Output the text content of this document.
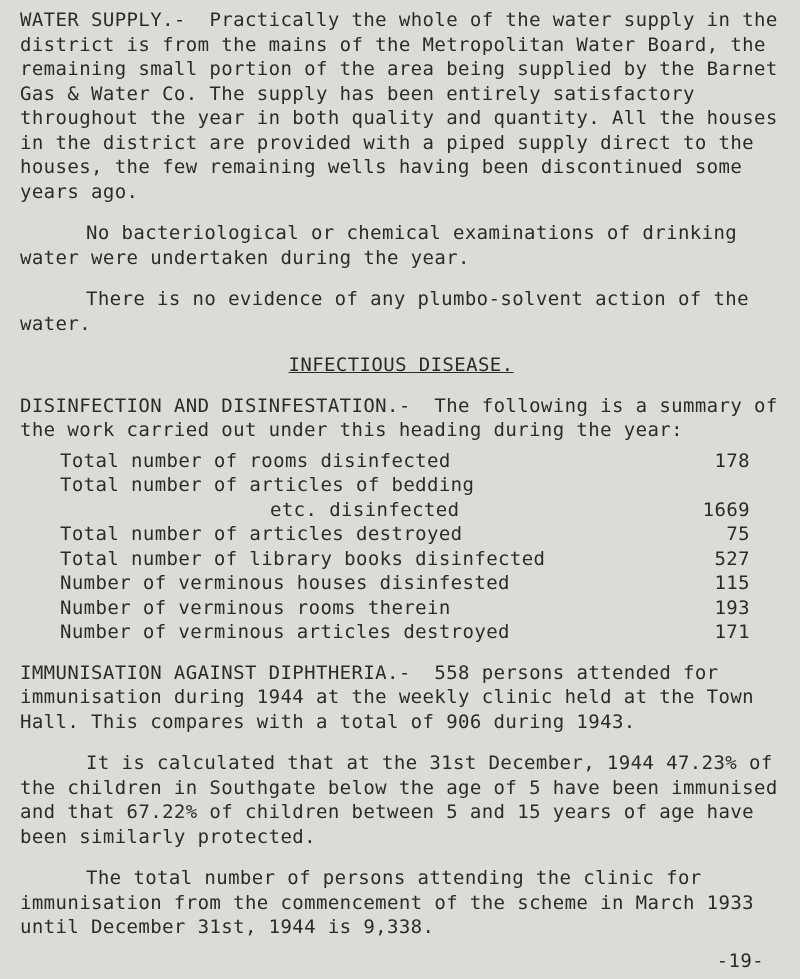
WATER SUPPLY.- Practically the whole of the water supply in the district is from the mains of the Metropolitan Water Board, the remaining small portion of the area being supplied by the Barnet Gas & Water Co. The supply has been entirely satisfactory throughout the year in both quality and quantity. All the houses in the district are provided with a piped supply direct to the houses, the few remaining wells having been discontinued some years ago.

No bacteriological or chemical examinations of drinking water were undertaken during the year.

There is no evidence of any plumbo-solvent action of the water.

INFECTIOUS DISEASE.

DISINFECTION AND DISINFESTATION.- The following is a summary of the work carried out under this heading during the year:

Total number of rooms disinfected	178

Total number of articles of bedding
etc. disinfected	1669

Total number of articles destroyed	75
Total number of library books disinfected	527
Number of verminous houses disinfested	115
Number of verminous rooms therein	193
Number of verminous articles destroyed	171

IMMUNISATION AGAINST DIPHTHERIA.- 558 persons attended for immunisation during 1944 at the weekly clinic held at the Town Hall. This compares with a total of 906 during 1943.

It is calculated that at the 31st December, 1944 47.23% of the children in Southgate below the age of 5 have been immunised and that 67.22% of children between 5 and 15 years of age have been similarly protected.

The total number of persons attending the clinic for immunisation from the commencement of the scheme in March 1933 until December 31st, 1944 is 9,338.

-19-
